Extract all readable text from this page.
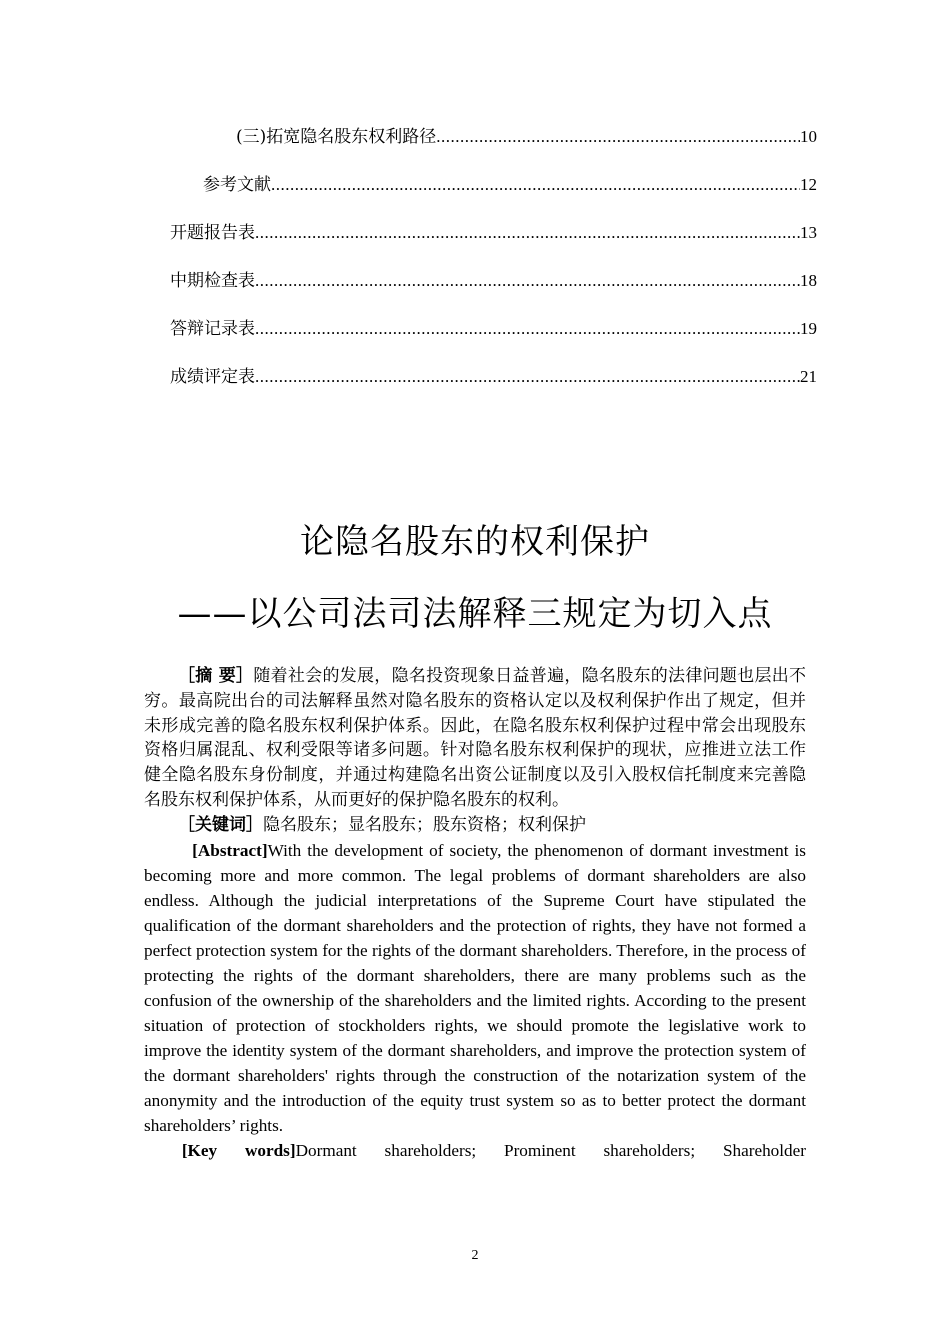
(三)拓宽隐名股东权利路径 .....	10
参考文献 .....	12
开题报告表 .....	13
中期检查表 .....	18
答辩记录表 .....	19
成绩评定表 .....	21
论隐名股东的权利保护
——以公司法司法解释三规定为切入点

［摘 要］随着社会的发展，隐名投资现象日益普遍，隐名股东的法律问题也层出不穷。最高院出台的司法解释虽然对隐名股东的资格认定以及权利保护作出了规定，但并未形成完善的隐名股东权利保护体系。因此，在隐名股东权利保护过程中常会出现股东资格归属混乱、权利受限等诸多问题。针对隐名股东权利保护的现状，应推进立法工作健全隐名股东身份制度，并通过构建隐名出资公证制度以及引入股权信托制度来完善隐名股东权利保护体系，从而更好的保护隐名股东的权利。

［关键词］隐名股东；显名股东；股东资格；权利保护

[Abstract]With the development of society, the phenomenon of dormant investment is becoming more and more common. The legal problems of dormant shareholders are also endless. Although the judicial interpretations of the Supreme Court have stipulated the qualification of the dormant shareholders and the protection of rights, they have not formed a perfect protection system for the rights of the dormant shareholders. Therefore, in the process of protecting the rights of the dormant shareholders, there are many problems such as the confusion of the ownership of the shareholders and the limited rights. According to the present situation of protection of stockholders rights, we should promote the legislative work to improve the identity system of the dormant shareholders, and improve the protection system of the dormant shareholders' rights through the construction of the notarization system of the anonymity and the introduction of the equity trust system so as to better protect the dormant shareholders’ rights.

[Key words]Dormant shareholders; Prominent shareholders; Shareholder

2
